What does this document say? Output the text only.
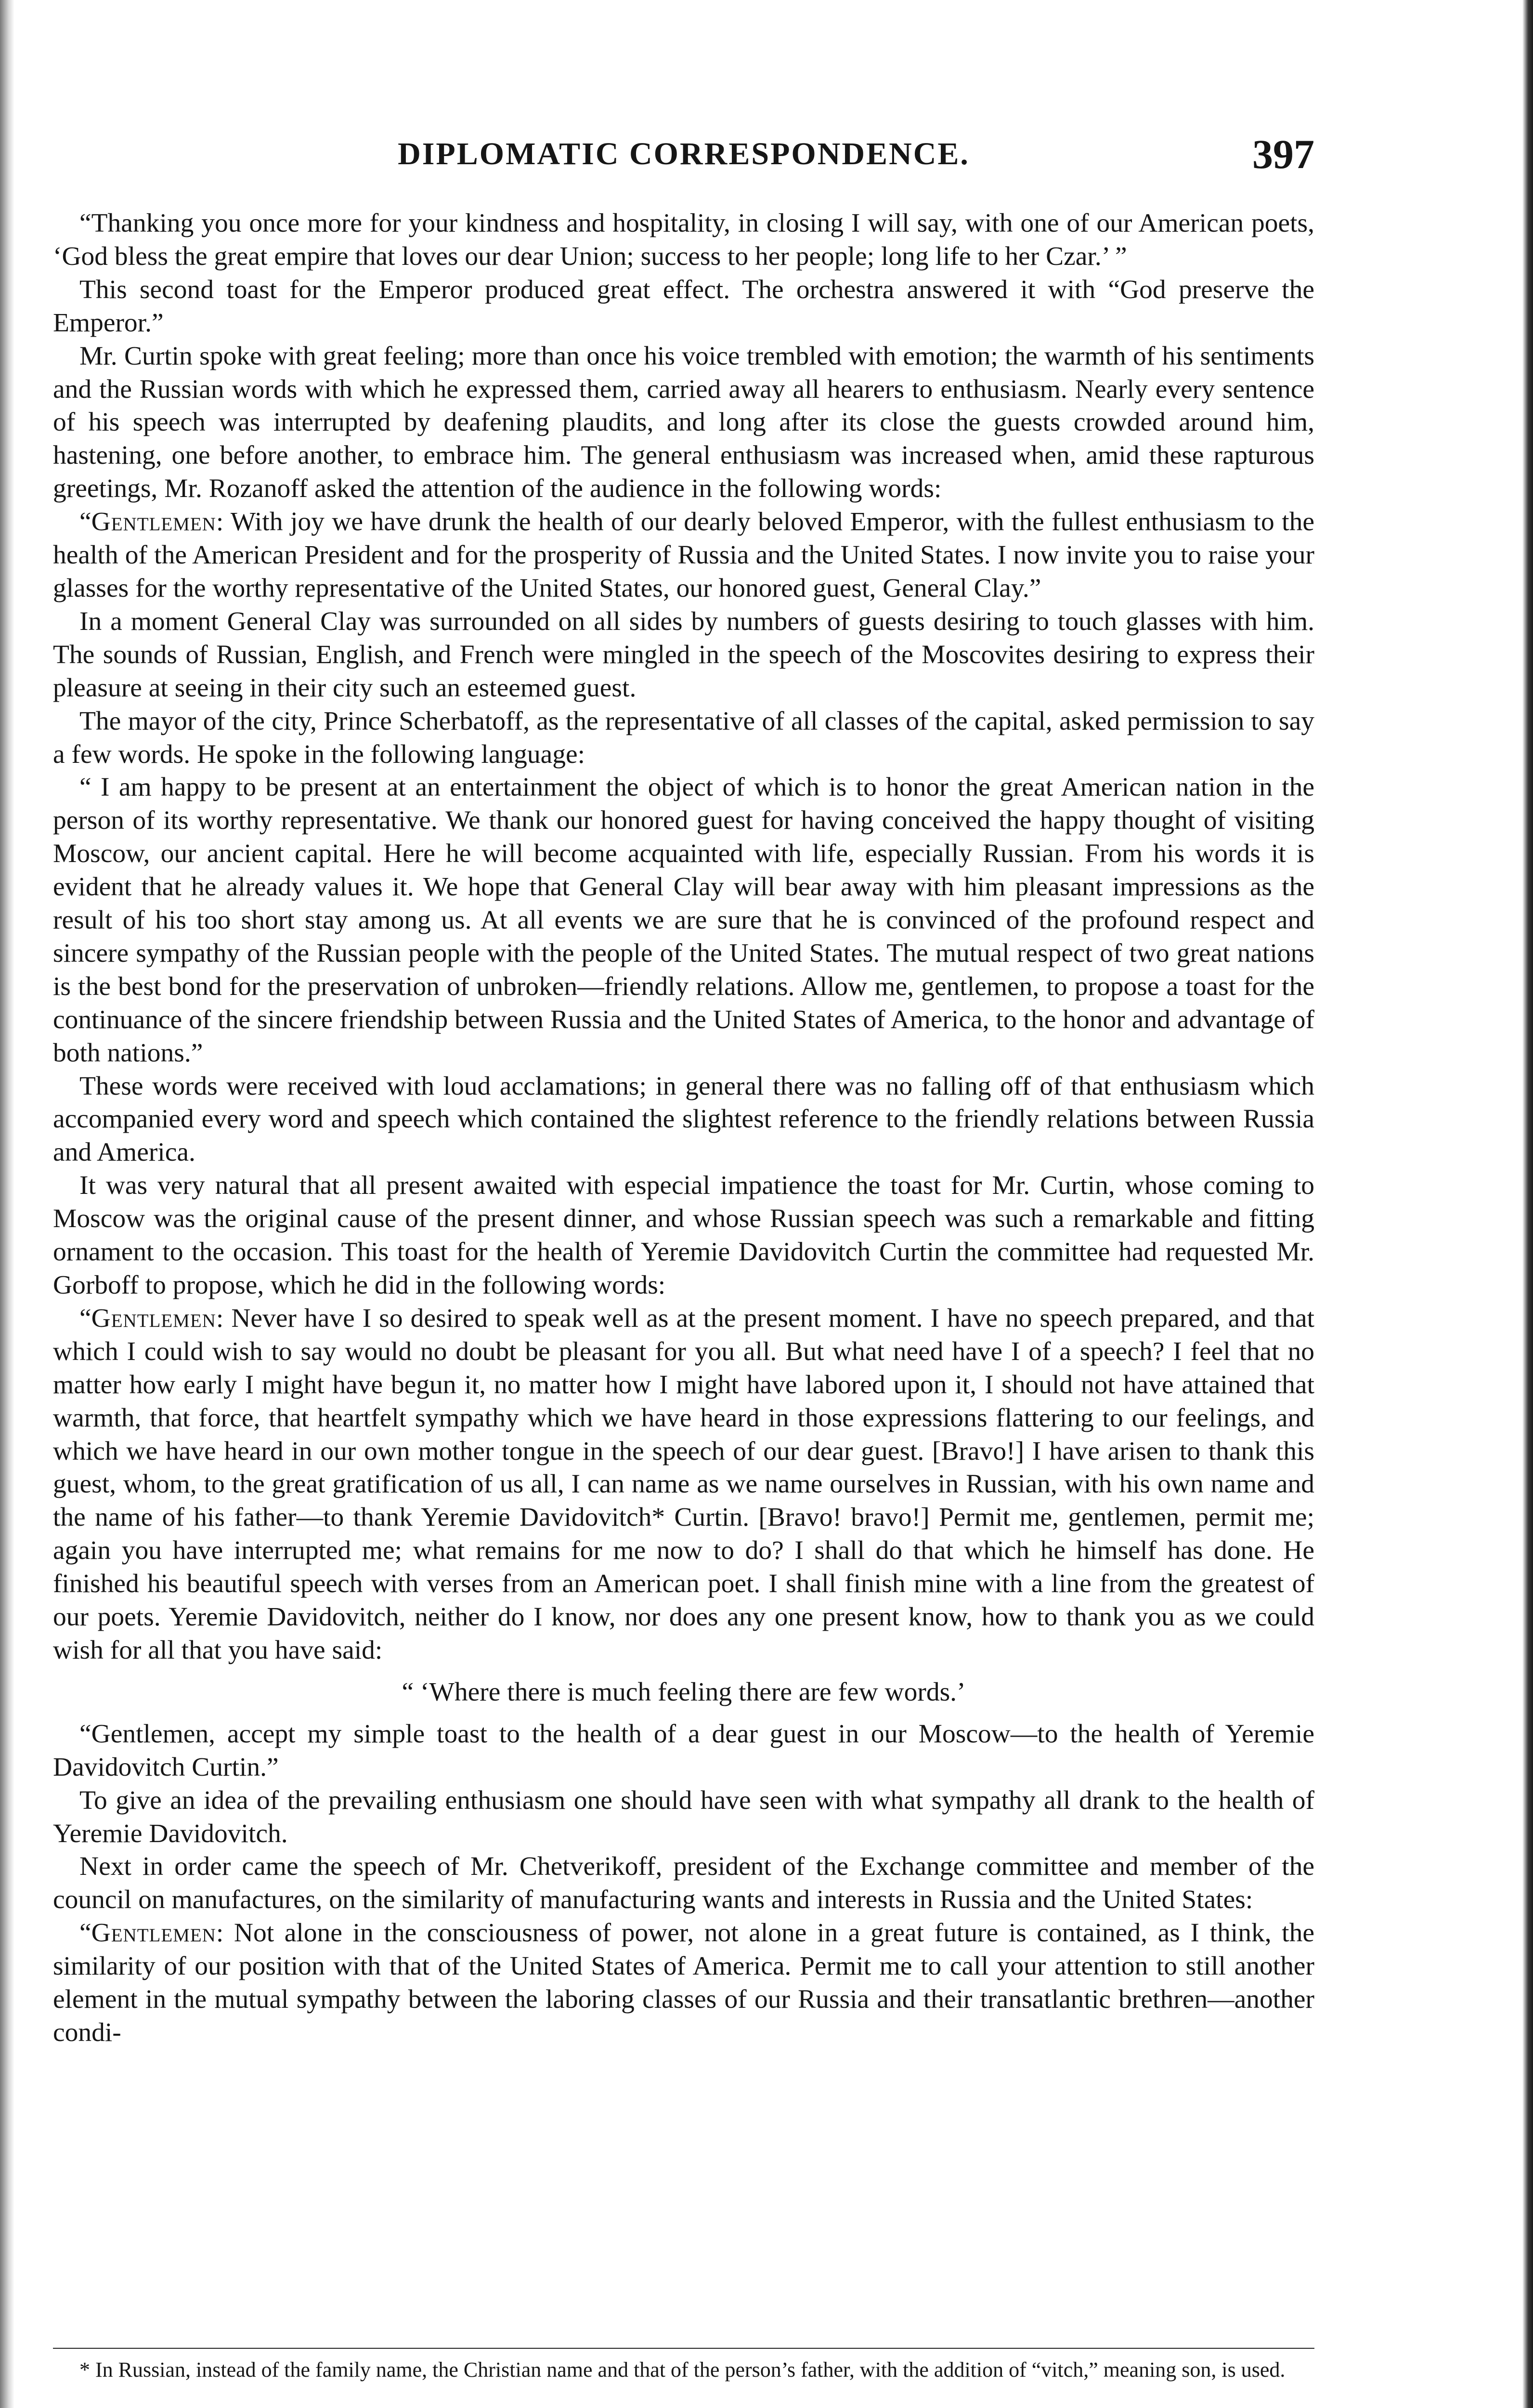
DIPLOMATIC CORRESPONDENCE.	397

“Thanking you once more for your kindness and hospitality, in closing I will say, with one of our American poets, ‘God bless the great empire that loves our dear Union; success to her people; long life to her Czar.’ ”

This second toast for the Emperor produced great effect. The orchestra answered it with “God preserve the Emperor.”

Mr. Curtin spoke with great feeling; more than once his voice trembled with emotion; the warmth of his sentiments and the Russian words with which he expressed them, carried away all hearers to enthusiasm. Nearly every sentence of his speech was interrupted by deafening plaudits, and long after its close the guests crowded around him, hastening, one before another, to embrace him. The general enthusiasm was increased when, amid these rapturous greetings, Mr. Rozanoff asked the attention of the audience in the following words:

“Gentlemen: With joy we have drunk the health of our dearly beloved Emperor, with the fullest enthusiasm to the health of the American President and for the prosperity of Russia and the United States. I now invite you to raise your glasses for the worthy representative of the United States, our honored guest, General Clay.”

In a moment General Clay was surrounded on all sides by numbers of guests desiring to touch glasses with him. The sounds of Russian, English, and French were mingled in the speech of the Moscovites desiring to express their pleasure at seeing in their city such an esteemed guest.

The mayor of the city, Prince Scherbatoff, as the representative of all classes of the capital, asked permission to say a few words. He spoke in the following language:

“ I am happy to be present at an entertainment the object of which is to honor the great American nation in the person of its worthy representative. We thank our honored guest for having conceived the happy thought of visiting Moscow, our ancient capital. Here he will become acquainted with life, especially Russian. From his words it is evident that he already values it. We hope that General Clay will bear away with him pleasant impressions as the result of his too short stay among us. At all events we are sure that he is convinced of the profound respect and sincere sympathy of the Russian people with the people of the United States. The mutual respect of two great nations is the best bond for the preservation of unbroken—friendly relations. Allow me, gentlemen, to propose a toast for the continuance of the sincere friendship between Russia and the United States of America, to the honor and advantage of both nations.”

These words were received with loud acclamations; in general there was no falling off of that enthusiasm which accompanied every word and speech which contained the slightest reference to the friendly relations between Russia and America.

It was very natural that all present awaited with especial impatience the toast for Mr. Curtin, whose coming to Moscow was the original cause of the present dinner, and whose Russian speech was such a remarkable and fitting ornament to the occasion. This toast for the health of Yeremie Davidovitch Curtin the committee had requested Mr. Gorboff to propose, which he did in the following words:

“Gentlemen: Never have I so desired to speak well as at the present moment. I have no speech prepared, and that which I could wish to say would no doubt be pleasant for you all. But what need have I of a speech? I feel that no matter how early I might have begun it, no matter how I might have labored upon it, I should not have attained that warmth, that force, that heartfelt sympathy which we have heard in those expressions flattering to our feelings, and which we have heard in our own mother tongue in the speech of our dear guest. [Bravo!] I have arisen to thank this guest, whom, to the great gratification of us all, I can name as we name ourselves in Russian, with his own name and the name of his father—to thank Yeremie Davidovitch* Curtin. [Bravo! bravo!] Permit me, gentlemen, permit me; again you have interrupted me; what remains for me now to do? I shall do that which he himself has done. He finished his beautiful speech with verses from an American poet. I shall finish mine with a line from the greatest of our poets. Yeremie Davidovitch, neither do I know, nor does any one present know, how to thank you as we could wish for all that you have said:

“ ‘Where there is much feeling there are few words.’

“Gentlemen, accept my simple toast to the health of a dear guest in our Moscow—to the health of Yeremie Davidovitch Curtin.”

To give an idea of the prevailing enthusiasm one should have seen with what sympathy all drank to the health of Yeremie Davidovitch.

Next in order came the speech of Mr. Chetverikoff, president of the Exchange committee and member of the council on manufactures, on the similarity of manufacturing wants and interests in Russia and the United States:

“Gentlemen: Not alone in the consciousness of power, not alone in a great future is contained, as I think, the similarity of our position with that of the United States of America. Permit me to call your attention to still another element in the mutual sympathy between the laboring classes of our Russia and their transatlantic brethren—another condi-

* In Russian, instead of the family name, the Christian name and that of the person’s father, with the addition of “vitch,” meaning son, is used.
